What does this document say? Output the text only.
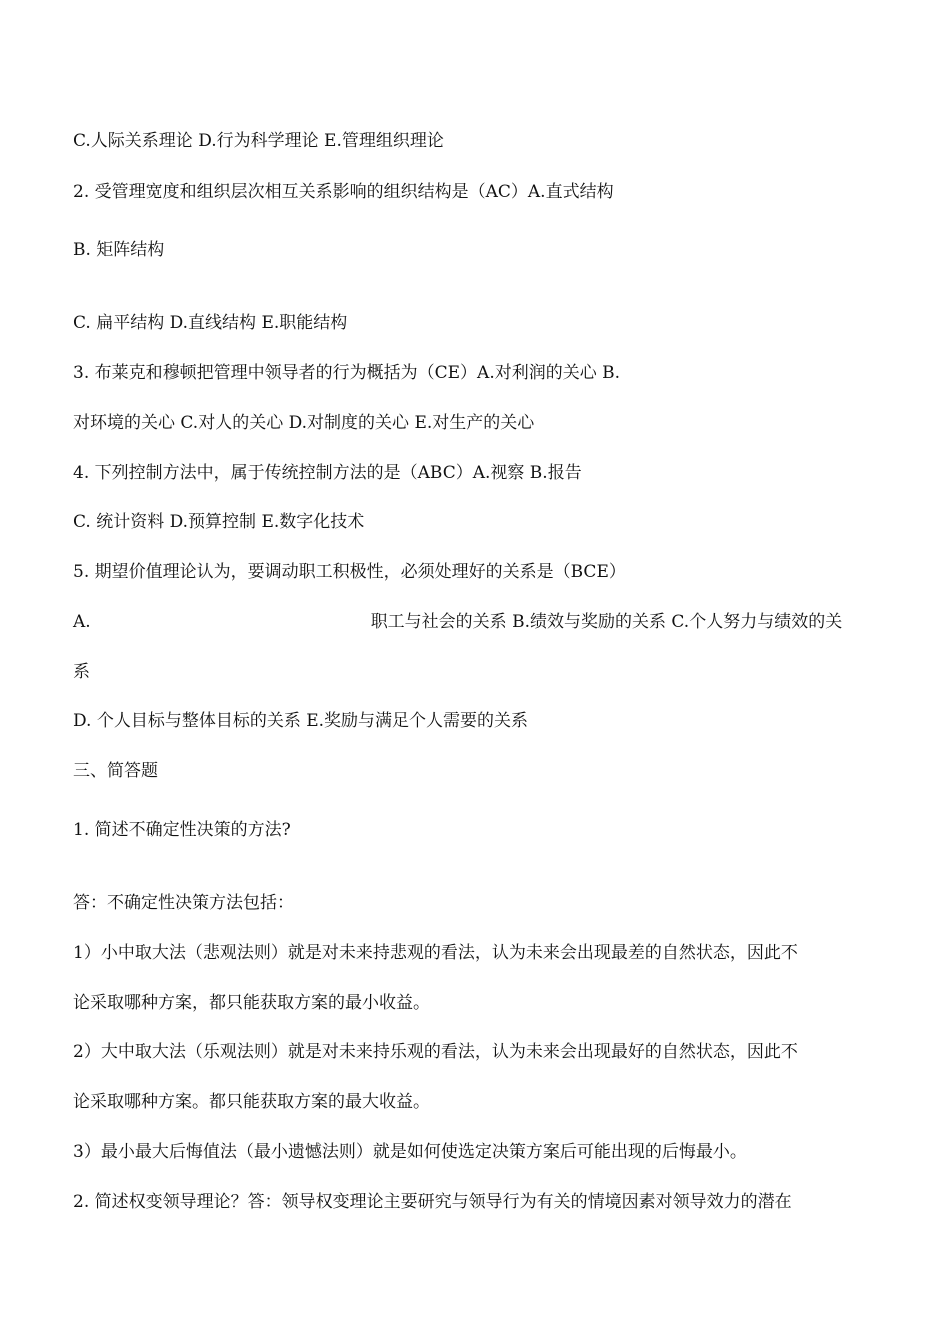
C.人际关系理论 D.行为科学理论 E.管理组织理论
2. 受管理宽度和组织层次相互关系影响的组织结构是（AC）A.直式结构
B. 矩阵结构
C. 扁平结构 D.直线结构 E.职能结构
3. 布莱克和穆顿把管理中领导者的行为概括为（CE）A.对利润的关心 B.
对环境的关心 C.对人的关心 D.对制度的关心 E.对生产的关心
4. 下列控制方法中，属于传统控制方法的是（ABC）A.视察 B.报告
C. 统计资料 D.预算控制 E.数字化技术
5. 期望价值理论认为，要调动职工积极性，必须处理好的关系是（BCE）
A.	职工与社会的关系 B.绩效与奖励的关系 C.个人努力与绩效的关
系
D. 个人目标与整体目标的关系 E.奖励与满足个人需要的关系
三、简答题
1. 简述不确定性决策的方法?
答：不确定性决策方法包括：
1）小中取大法（悲观法则）就是对未来持悲观的看法，认为未来会出现最差的自然状态，因此不
论采取哪种方案，都只能获取方案的最小收益。
2）大中取大法（乐观法则）就是对未来持乐观的看法，认为未来会出现最好的自然状态，因此不
论采取哪种方案。都只能获取方案的最大收益。
3）最小最大后悔值法（最小遗憾法则）就是如何使选定决策方案后可能出现的后悔最小。
2. 简述权变领导理论？答：领导权变理论主要研究与领导行为有关的情境因素对领导效力的潜在
